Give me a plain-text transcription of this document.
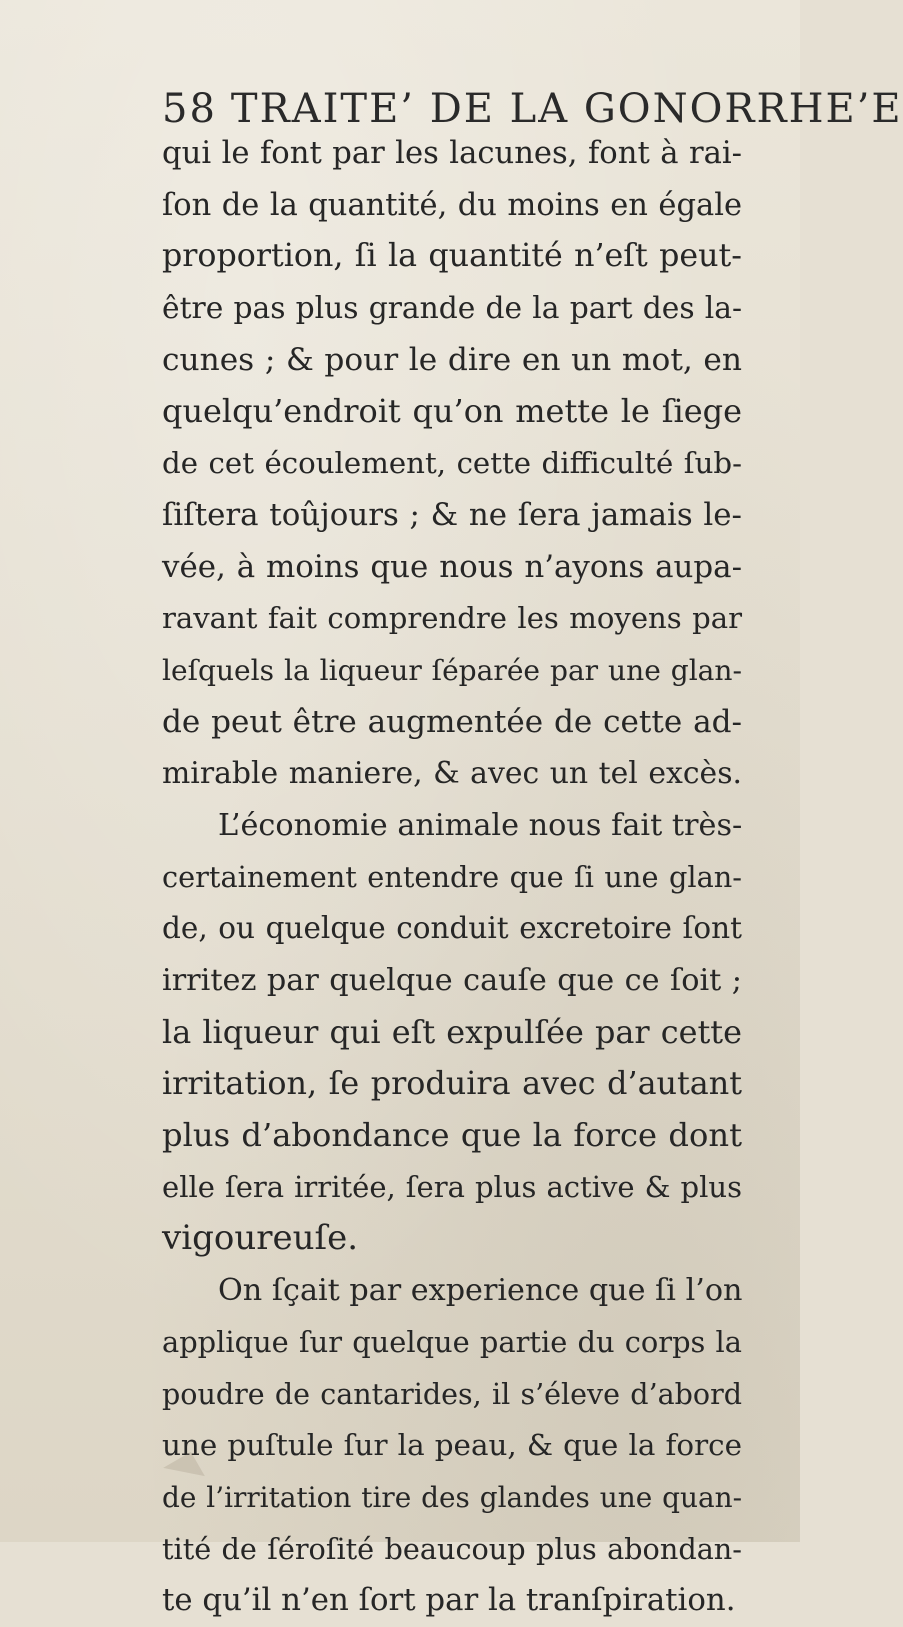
58 TRAITE’ DE LA GONORRHE’E
qui le font par les lacunes, font à rai-
ſon de la quantité, du moins en égale
proportion, ſi la quantité n’eſt peut-
être pas plus grande de la part des la-
cunes ; & pour le dire en un mot, en
quelqu’endroit qu’on mette le ſiege
de cet écoulement, cette difficulté ſub-
ſiſtera toûjours ; & ne ſera jamais le-
vée, à moins que nous n’ayons aupa-
ravant fait comprendre les moyens par
leſquels la liqueur ſéparée par une glan-
de peut être augmentée de cette ad-
mirable maniere, & avec un tel excès.
L’économie animale nous fait très-
certainement entendre que ſi une glan-
de, ou quelque conduit excretoire ſont
irritez par quelque cauſe que ce ſoit ;
la liqueur qui eſt expulſée par cette
irritation, ſe produira avec d’autant
plus d’abondance que la force dont
elle ſera irritée, ſera plus active & plus
vigoureuſe.
On ſçait par experience que ſi l’on
applique ſur quelque partie du corps la
poudre de cantarides, il s’éleve d’abord
une puſtule ſur la peau, & que la force
de l’irritation tire des glandes une quan-
tité de ſéroſité beaucoup plus abondan-
te qu’il n’en ſort par la tranſpiration.
